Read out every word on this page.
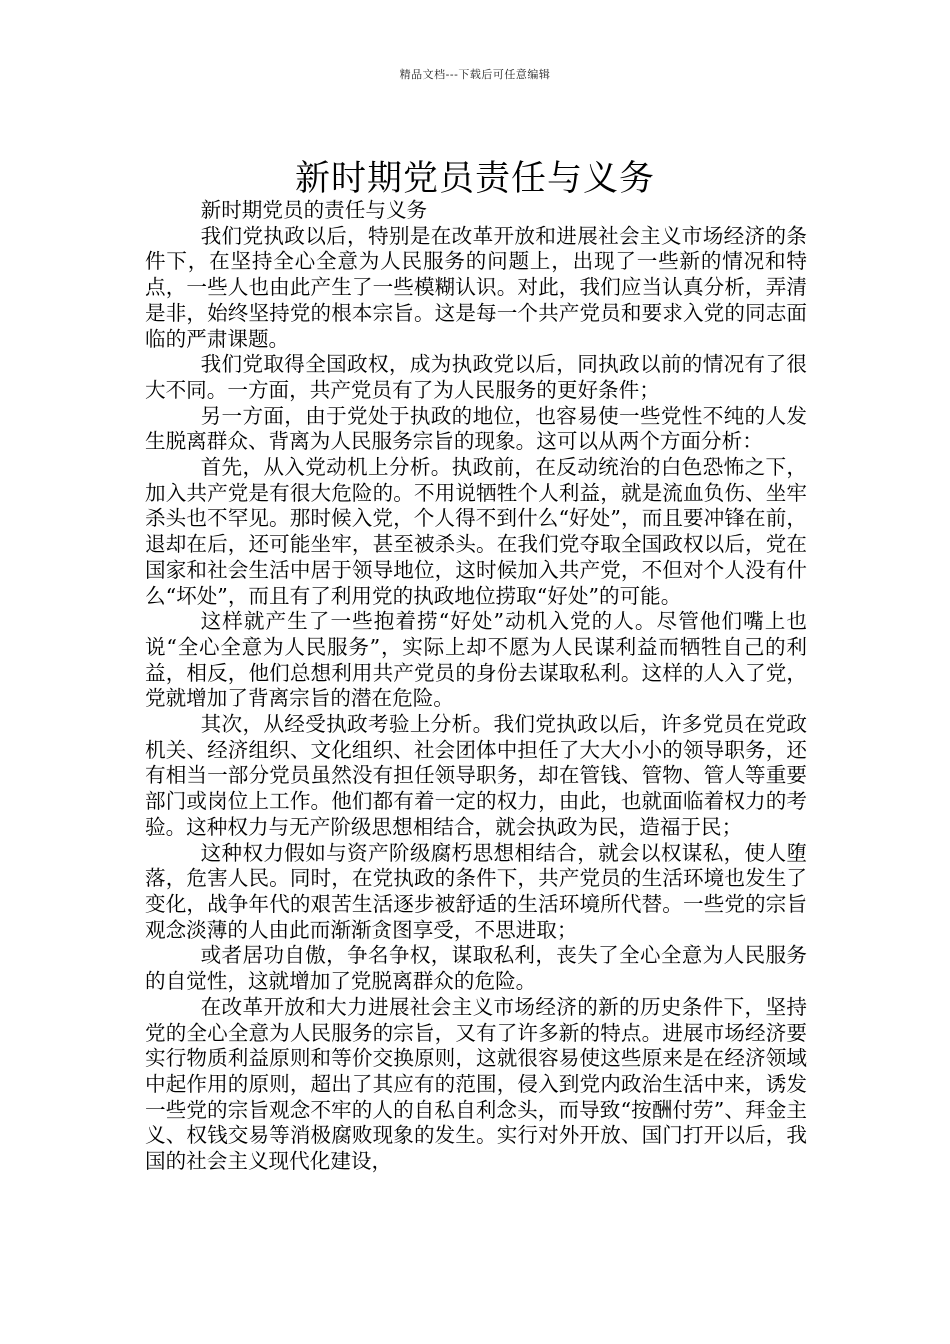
精品文档---下载后可任意编辑
新时期党员责任与义务

新时期党员的责任与义务

我们党执政以后，特别是在改革开放和进展社会主义市场经济的条件下，在坚持全心全意为人民服务的问题上，出现了一些新的情况和特点，一些人也由此产生了一些模糊认识。对此，我们应当认真分析，弄清是非，始终坚持党的根本宗旨。这是每一个共产党员和要求入党的同志面临的严肃课题。

我们党取得全国政权，成为执政党以后，同执政以前的情况有了很大不同。一方面，共产党员有了为人民服务的更好条件；

另一方面，由于党处于执政的地位，也容易使一些党性不纯的人发生脱离群众、背离为人民服务宗旨的现象。这可以从两个方面分析：

首先，从入党动机上分析。执政前，在反动统治的白色恐怖之下，加入共产党是有很大危险的。不用说牺牲个人利益，就是流血负伤、坐牢杀头也不罕见。那时候入党，个人得不到什么“好处”，而且要冲锋在前，退却在后，还可能坐牢，甚至被杀头。在我们党夺取全国政权以后，党在国家和社会生活中居于领导地位，这时候加入共产党，不但对个人没有什么“坏处”，而且有了利用党的执政地位捞取“好处”的可能。

这样就产生了一些抱着捞“好处”动机入党的人。尽管他们嘴上也说“全心全意为人民服务”，实际上却不愿为人民谋利益而牺牲自己的利益，相反，他们总想利用共产党员的身份去谋取私利。这样的人入了党，党就增加了背离宗旨的潜在危险。

其次，从经受执政考验上分析。我们党执政以后，许多党员在党政机关、经济组织、文化组织、社会团体中担任了大大小小的领导职务，还有相当一部分党员虽然没有担任领导职务，却在管钱、管物、管人等重要部门或岗位上工作。他们都有着一定的权力，由此，也就面临着权力的考验。这种权力与无产阶级思想相结合，就会执政为民，造福于民；

这种权力假如与资产阶级腐朽思想相结合，就会以权谋私，使人堕落，危害人民。同时，在党执政的条件下，共产党员的生活环境也发生了变化，战争年代的艰苦生活逐步被舒适的生活环境所代替。一些党的宗旨观念淡薄的人由此而渐渐贪图享受，不思进取；

或者居功自傲，争名争权，谋取私利，丧失了全心全意为人民服务的自觉性，这就增加了党脱离群众的危险。

在改革开放和大力进展社会主义市场经济的新的历史条件下，坚持党的全心全意为人民服务的宗旨，又有了许多新的特点。进展市场经济要实行物质利益原则和等价交换原则，这就很容易使这些原来是在经济领域中起作用的原则，超出了其应有的范围，侵入到党内政治生活中来，诱发一些党的宗旨观念不牢的人的自私自利念头，而导致“按酬付劳”、拜金主义、权钱交易等消极腐败现象的发生。实行对外开放、国门打开以后，我国的社会主义现代化建设，
